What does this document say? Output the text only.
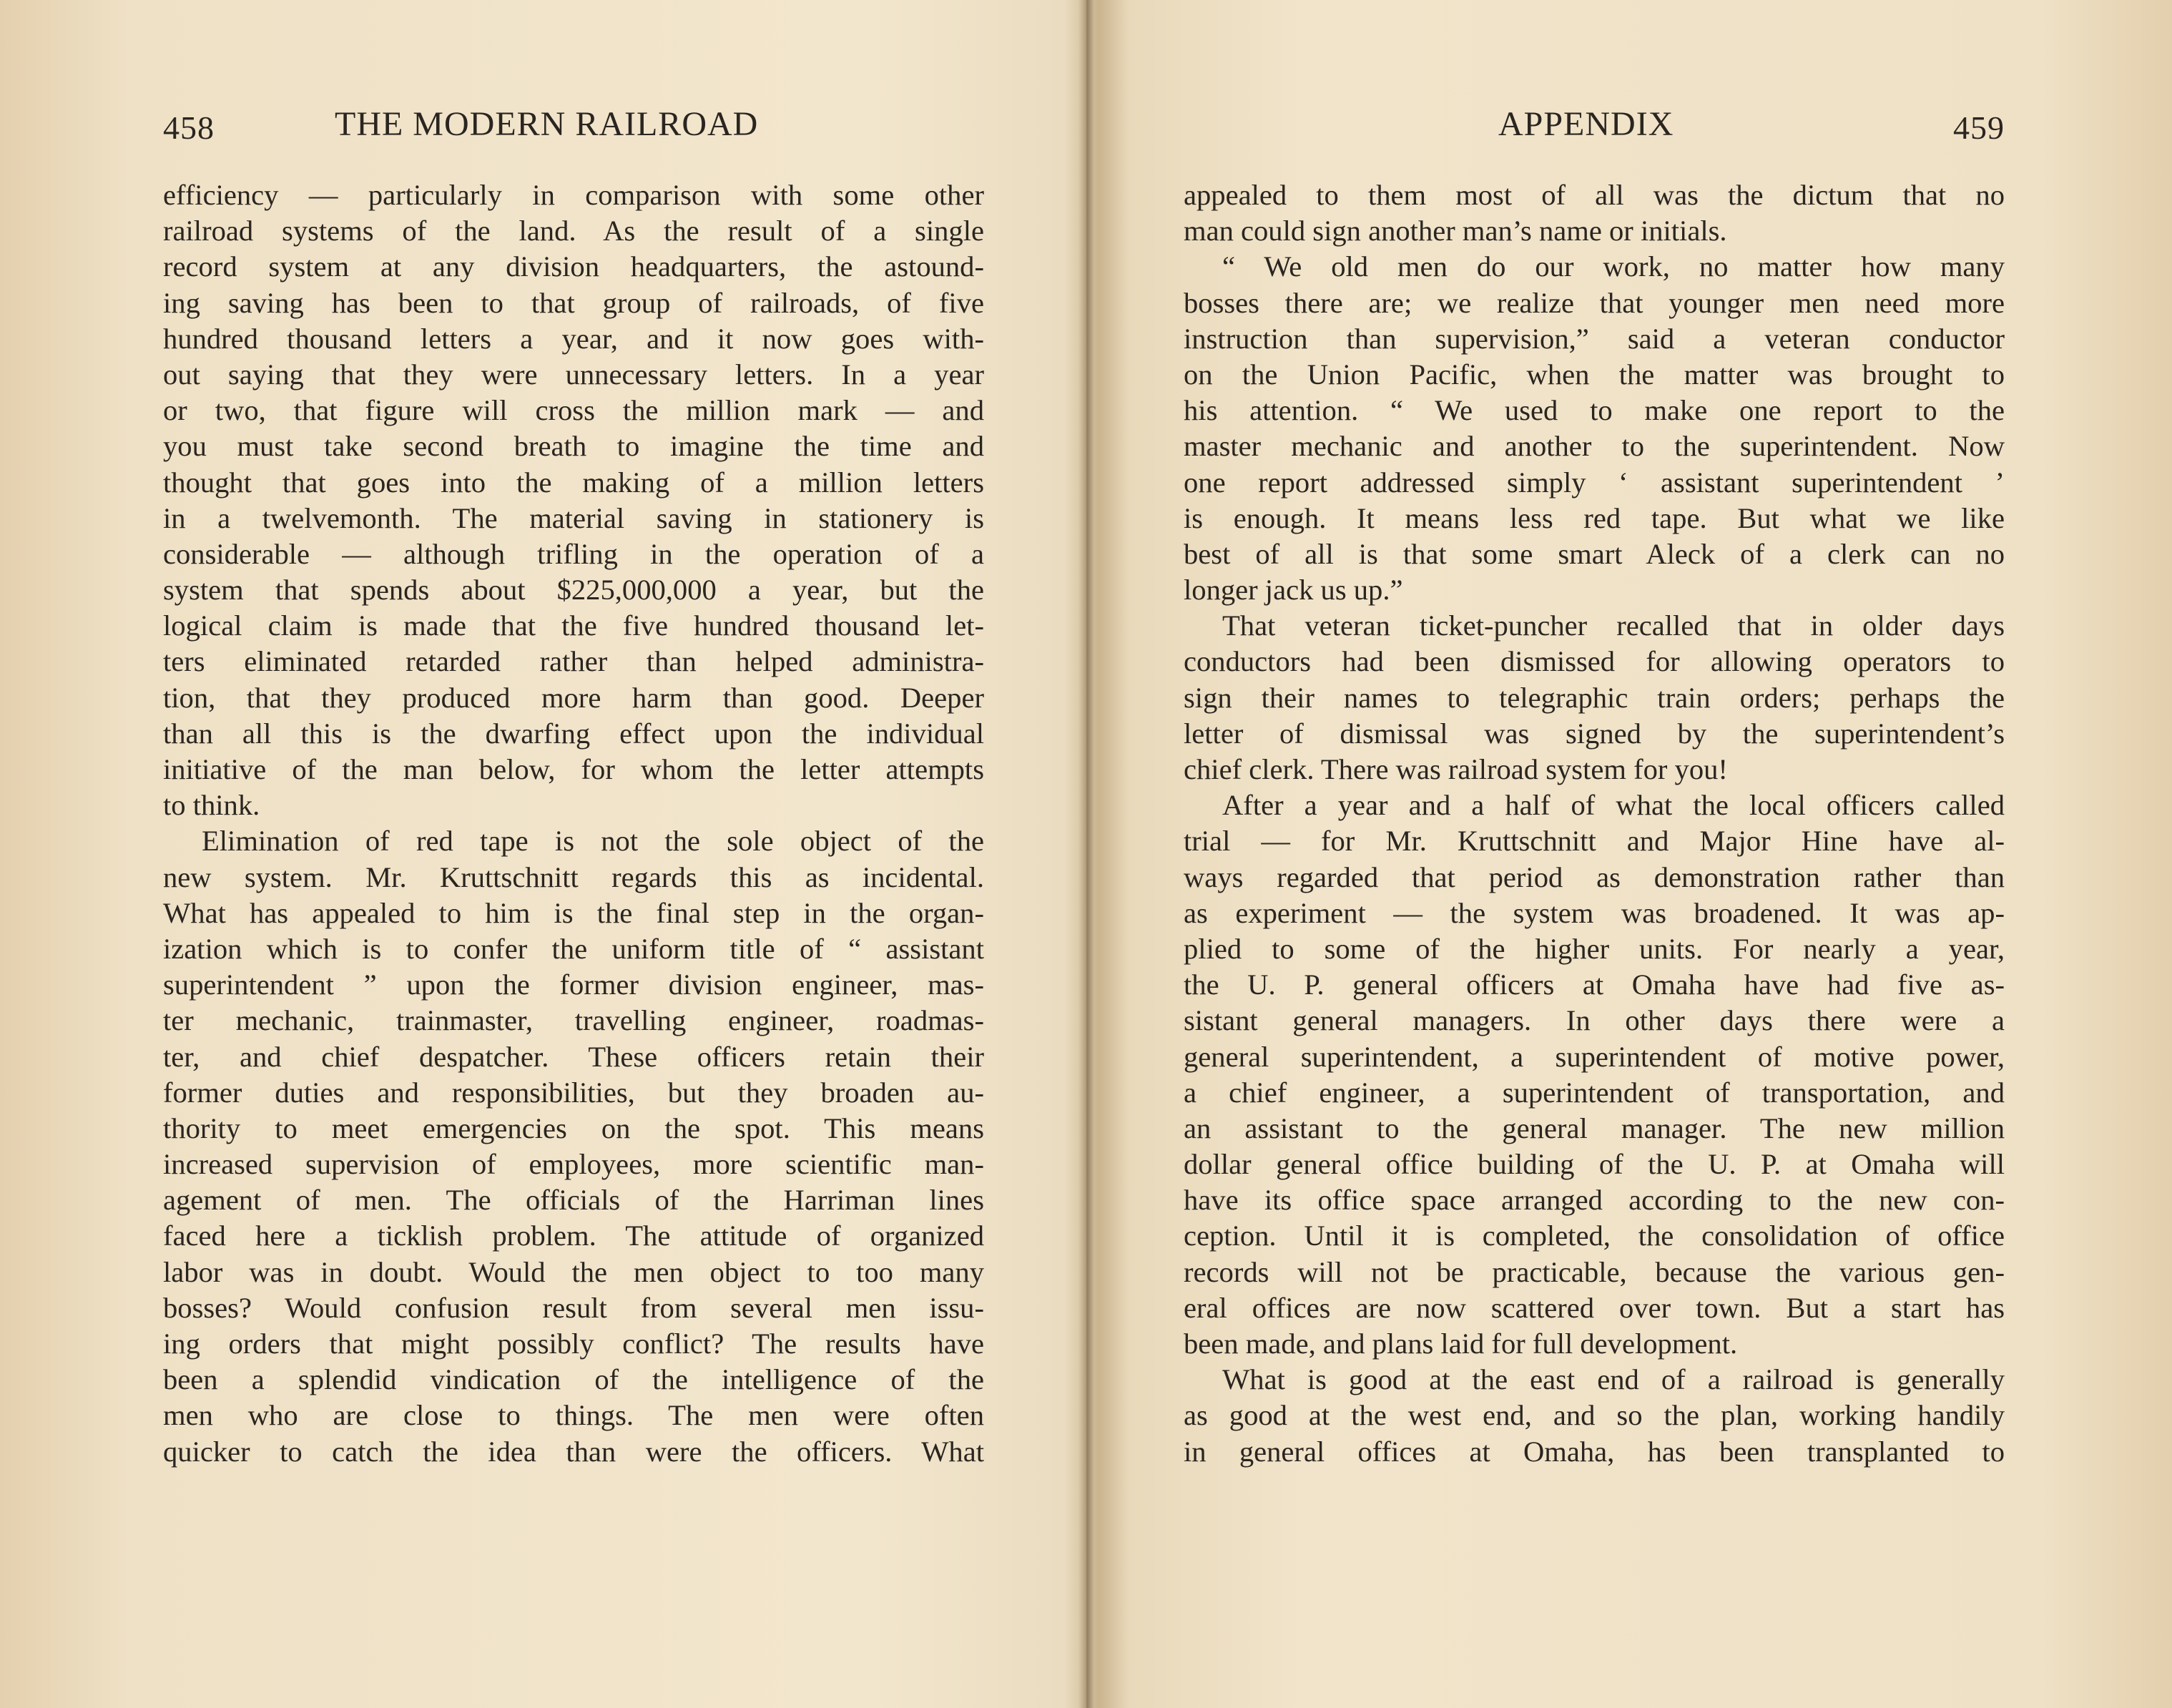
458	THE MODERN RAILROAD
efficiency — particularly in comparison with some other
railroad systems of the land. As the result of a single
record system at any division headquarters, the astound-
ing saving has been to that group of railroads, of five
hundred thousand letters a year, and it now goes with-
out saying that they were unnecessary letters. In a year
or two, that figure will cross the million mark — and
you must take second breath to imagine the time and
thought that goes into the making of a million letters
in a twelvemonth. The material saving in stationery is
considerable — although trifling in the operation of a
system that spends about $225,000,000 a year, but the
logical claim is made that the five hundred thousand let-
ters eliminated retarded rather than helped administra-
tion, that they produced more harm than good. Deeper
than all this is the dwarfing effect upon the individual
initiative of the man below, for whom the letter attempts
to think.
Elimination of red tape is not the sole object of the
new system. Mr. Kruttschnitt regards this as incidental.
What has appealed to him is the final step in the organ-
ization which is to confer the uniform title of “ assistant
superintendent ” upon the former division engineer, mas-
ter mechanic, trainmaster, travelling engineer, roadmas-
ter, and chief despatcher. These officers retain their
former duties and responsibilities, but they broaden au-
thority to meet emergencies on the spot. This means
increased supervision of employees, more scientific man-
agement of men. The officials of the Harriman lines
faced here a ticklish problem. The attitude of organized
labor was in doubt. Would the men object to too many
bosses? Would confusion result from several men issu-
ing orders that might possibly conflict? The results have
been a splendid vindication of the intelligence of the
men who are close to things. The men were often
quicker to catch the idea than were the officers. What
APPENDIX	459
appealed to them most of all was the dictum that no
man could sign another man’s name or initials.
“ We old men do our work, no matter how many
bosses there are; we realize that younger men need more
instruction than supervision,” said a veteran conductor
on the Union Pacific, when the matter was brought to
his attention. “ We used to make one report to the
master mechanic and another to the superintendent. Now
one report addressed simply ‘ assistant superintendent ’
is enough. It means less red tape. But what we like
best of all is that some smart Aleck of a clerk can no
longer jack us up.”
That veteran ticket-puncher recalled that in older days
conductors had been dismissed for allowing operators to
sign their names to telegraphic train orders; perhaps the
letter of dismissal was signed by the superintendent’s
chief clerk. There was railroad system for you!
After a year and a half of what the local officers called
trial — for Mr. Kruttschnitt and Major Hine have al-
ways regarded that period as demonstration rather than
as experiment — the system was broadened. It was ap-
plied to some of the higher units. For nearly a year,
the U. P. general officers at Omaha have had five as-
sistant general managers. In other days there were a
general superintendent, a superintendent of motive power,
a chief engineer, a superintendent of transportation, and
an assistant to the general manager. The new million
dollar general office building of the U. P. at Omaha will
have its office space arranged according to the new con-
ception. Until it is completed, the consolidation of office
records will not be practicable, because the various gen-
eral offices are now scattered over town. But a start has
been made, and plans laid for full development.
What is good at the east end of a railroad is generally
as good at the west end, and so the plan, working handily
in general offices at Omaha, has been transplanted to
